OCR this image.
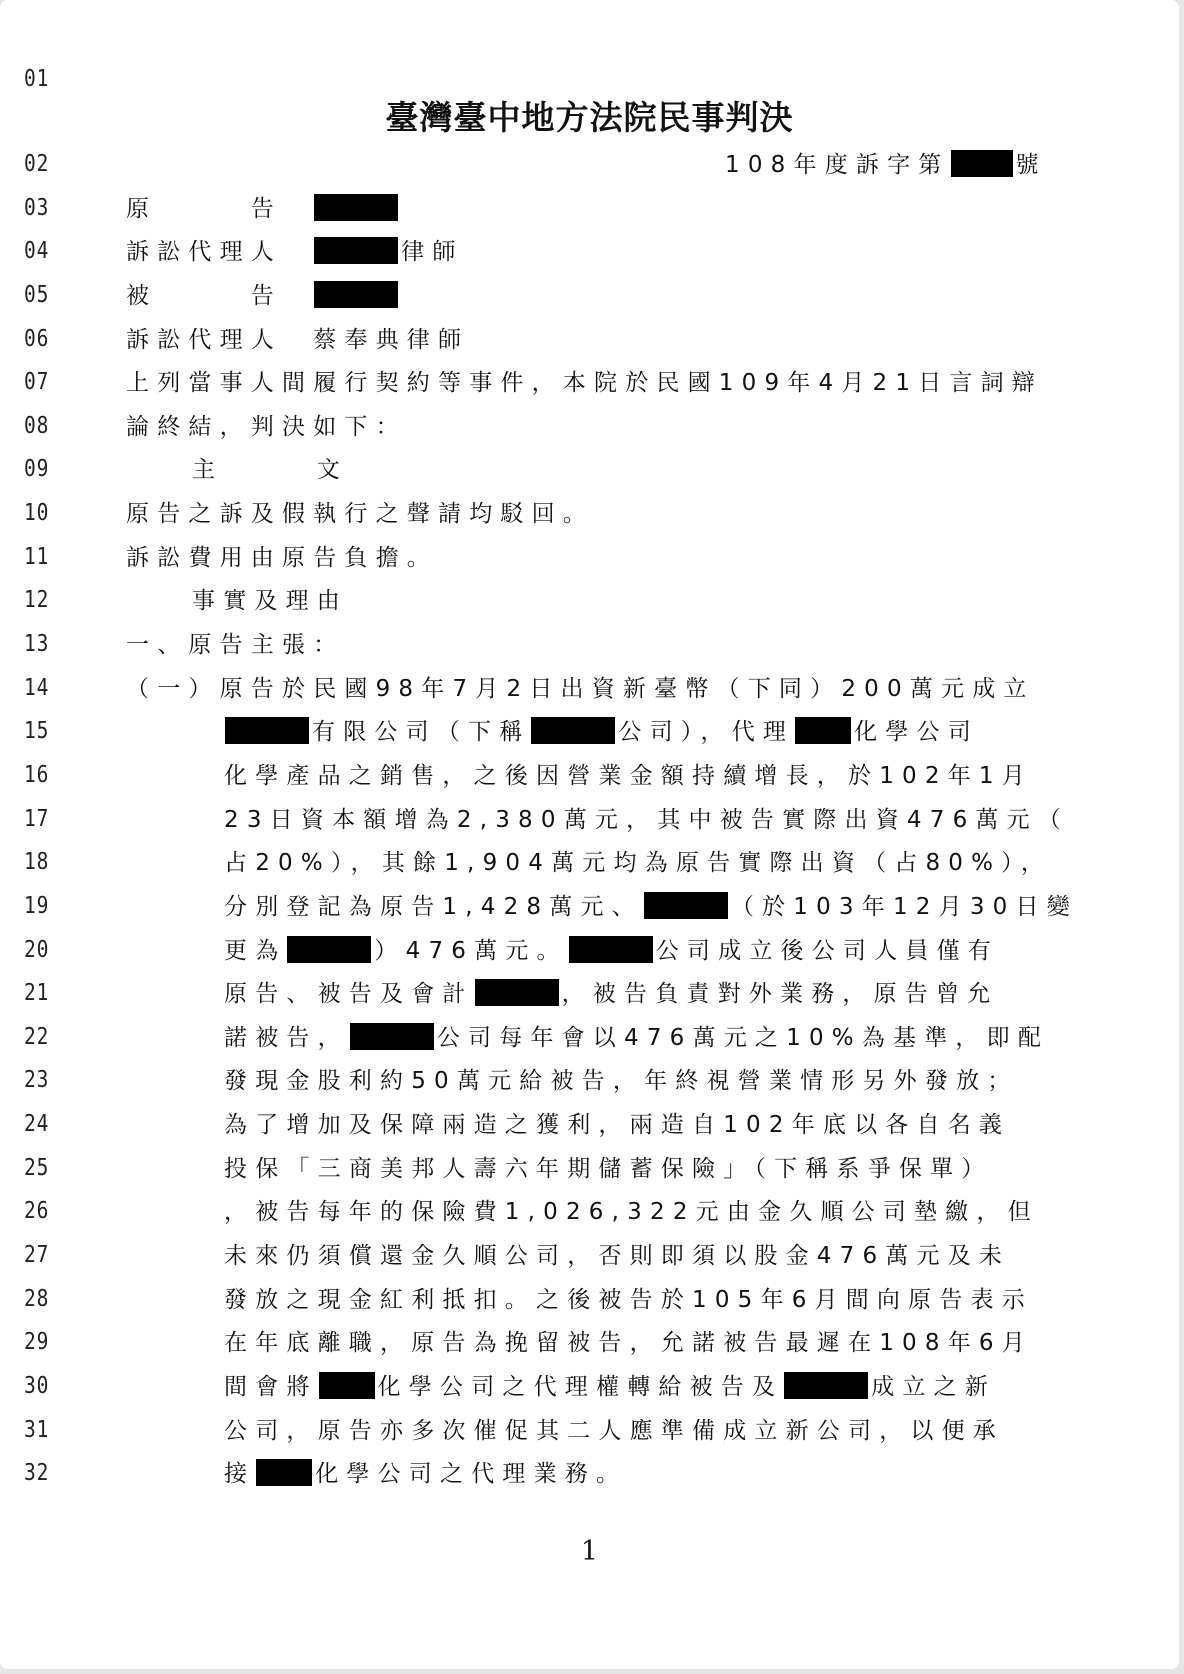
01
臺灣臺中地方法院民事判決
108年度訴字第	號
原　　　告　
訴訟代理人　	律師
被　　　告　
訴訟代理人　蔡奉典律師
上列當事人間履行契約等事件，本院於民國109年4月21日言詞辯
論終結，判決如下：
主　　　文
原告之訴及假執行之聲請均駁回。
訴訟費用由原告負擔。
事實及理由
一、原告主張：
（一）原告於民國98年7月2日出資新臺幣（下同）200萬元成立
有限公司（下稱	公司），代理	化學公司
化學產品之銷售，之後因營業金額持續增長，於102年1月
23日資本額增為2,380萬元，其中被告實際出資476萬元（
占20%），其餘1,904萬元均為原告實際出資（占80%），
分別登記為原告1,428萬元、	（於103年12月30日變
更為	）476萬元。	公司成立後公司人員僅有
原告、被告及會計	，被告負責對外業務，原告曾允
諾被告，	公司每年會以476萬元之10%為基準，即配
發現金股利約50萬元給被告，年終視營業情形另外發放；
為了增加及保障兩造之獲利，兩造自102年底以各自名義
投保「三商美邦人壽六年期儲蓄保險」（下稱系爭保單）
，被告每年的保險費1,026,322元由金久順公司墊繳，但
未來仍須償還金久順公司，否則即須以股金476萬元及未
發放之現金紅利抵扣。之後被告於105年6月間向原告表示
在年底離職，原告為挽留被告，允諾被告最遲在108年6月
間會將	化學公司之代理權轉給被告及	成立之新
公司，原告亦多次催促其二人應準備成立新公司，以便承
接	化學公司之代理業務。
1
02
03
04
05
06
07
08
09
10
11
12
13
14
15
16
17
18
19
20
21
22
23
24
25
26
27
28
29
30
31
32
